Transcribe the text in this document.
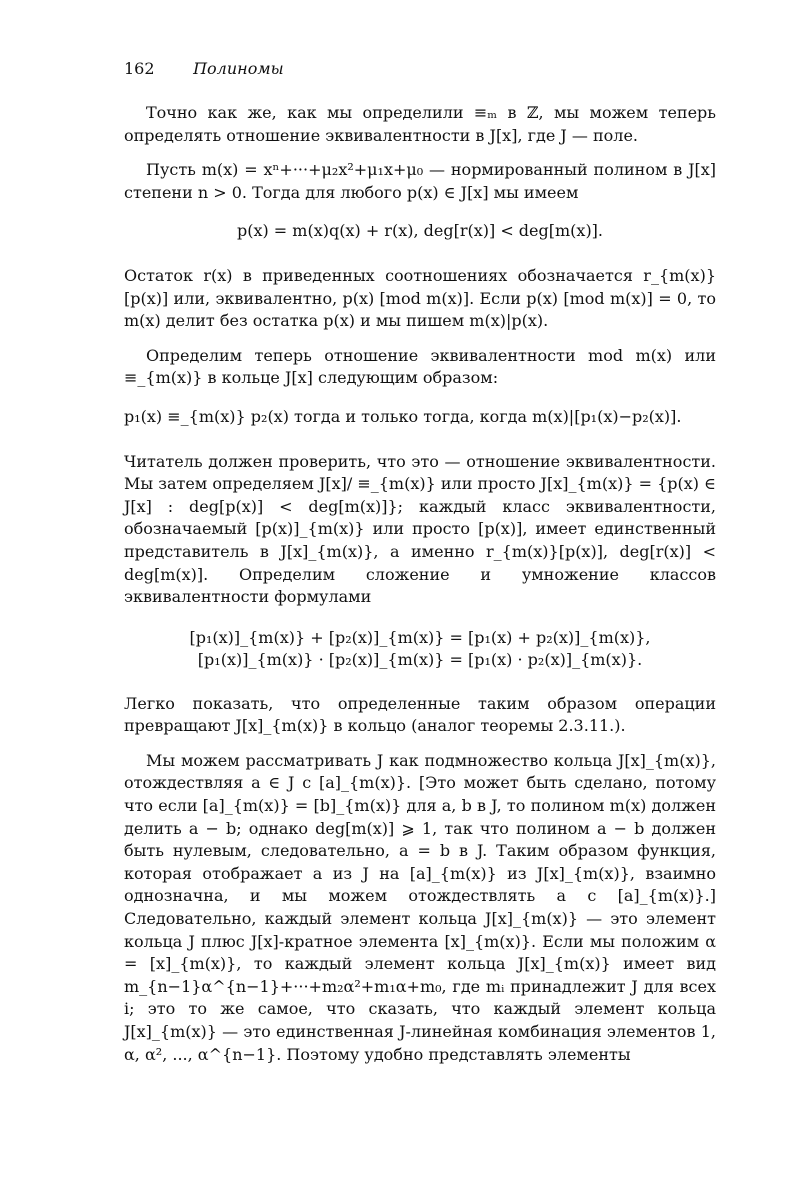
162 Полиномы

Точно как же, как мы определили ≡ₘ в ℤ, мы можем теперь определять отношение эквивалентности в J[x], где J — поле.

Пусть m(x) = xⁿ+···+μ₂x²+μ₁x+μ₀ — нормированный полином в J[x] степени n > 0. Тогда для любого p(x) ∈ J[x] мы имеем

p(x) = m(x)q(x) + r(x), deg[r(x)] < deg[m(x)].

Остаток r(x) в приведенных соотношениях обозначается r_{m(x)}[p(x)] или, эквивалентно, p(x) [mod m(x)]. Если p(x) [mod m(x)] = 0, то m(x) делит без остатка p(x) и мы пишем m(x)|p(x).

Определим теперь отношение эквивалентности mod m(x) или ≡_{m(x)} в кольце J[x] следующим образом:

p₁(x) ≡_{m(x)} p₂(x) тогда и только тогда, когда m(x)|[p₁(x)−p₂(x)].

Читатель должен проверить, что это — отношение эквивалентности. Мы затем определяем J[x]/ ≡_{m(x)} или просто J[x]_{m(x)} = {p(x) ∈ J[x] : deg[p(x)] < deg[m(x)]}; каждый класс эквивалентности, обозначаемый [p(x)]_{m(x)} или просто [p(x)], имеет единственный представитель в J[x]_{m(x)}, а именно r_{m(x)}[p(x)], deg[r(x)] < deg[m(x)]. Определим сложение и умножение классов эквивалентности формулами

[p₁(x)]_{m(x)} + [p₂(x)]_{m(x)} = [p₁(x) + p₂(x)]_{m(x)},
[p₁(x)]_{m(x)} · [p₂(x)]_{m(x)} = [p₁(x) · p₂(x)]_{m(x)}.

Легко показать, что определенные таким образом операции превращают J[x]_{m(x)} в кольцо (аналог теоремы 2.3.11.).

Мы можем рассматривать J как подмножество кольца J[x]_{m(x)}, отождествляя a ∈ J с [a]_{m(x)}. [Это может быть сделано, потому что если [a]_{m(x)} = [b]_{m(x)} для a, b в J, то полином m(x) должен делить a − b; однако deg[m(x)] ⩾ 1, так что полином a − b должен быть нулевым, следовательно, a = b в J. Таким образом функция, которая отображает a из J на [a]_{m(x)} из J[x]_{m(x)}, взаимно однозначна, и мы можем отождествлять a с [a]_{m(x)}.] Следовательно, каждый элемент кольца J[x]_{m(x)} — это элемент кольца J плюс J[x]-кратное элемента [x]_{m(x)}. Если мы положим α = [x]_{m(x)}, то каждый элемент кольца J[x]_{m(x)} имеет вид m_{n−1}α^{n−1}+···+m₂α²+m₁α+m₀, где mᵢ принадлежит J для всех i; это то же самое, что сказать, что каждый элемент кольца J[x]_{m(x)} — это единственная J-линейная комбинация элементов 1, α, α², ..., α^{n−1}. Поэтому удобно представлять элементы
